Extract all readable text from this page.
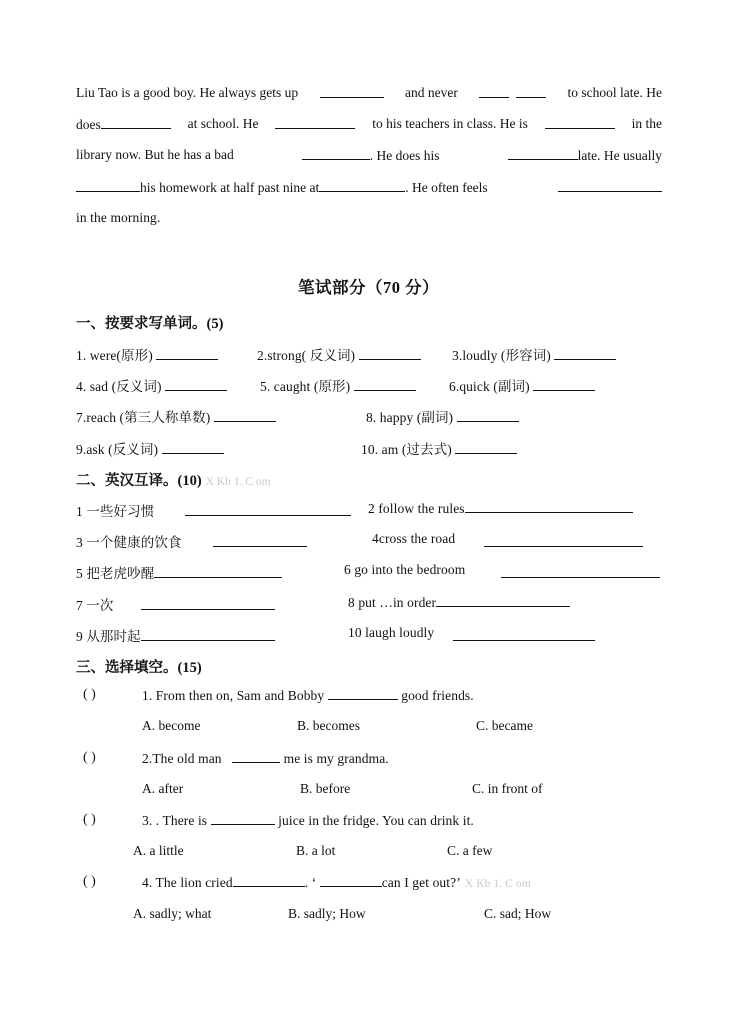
Liu Tao is a good boy. He always gets up	and never
	to school late. He
does	at school. He	to his teachers in class. He is	in the
library now. But he has a bad	. He does his	late. He usually
his homework at half past nine at	. He often feels
in the morning.
笔试部分（70 分）
一、按要求写单词。(5)
1. were(原形)	2.strong( 反义词)	3.loudly (形容词)
4. sad (反义词)	5. caught (原形)	6.quick (副词)
7.reach (第三人称单数)	8. happy (副词)
9.ask (反义词)	10. am (过去式)
二、英汉互译。(10) X Kb 1. C om
1 一些好习惯	2 follow the rules
3 一个健康的饮食	4cross the road
5 把老虎吵醒	6 go into the bedroom
7 一次	8 put …in order
9 从那时起	10 laugh loudly
三、选择填空。(15)
( )	1. From then on, Sam and Bobby	good friends.
A. become	B. becomes	C. became
( )	2.The old man	me is my grandma.
A. after	B. before	C. in front of
( )	3. . There is	juice in the fridge. You can drink it.
A. a little	B. a lot	C. a few
( )	4. The lion cried	. ‘	can I get out?’ X Kb 1. C om
A. sadly; what	B. sadly; How	C. sad; How
